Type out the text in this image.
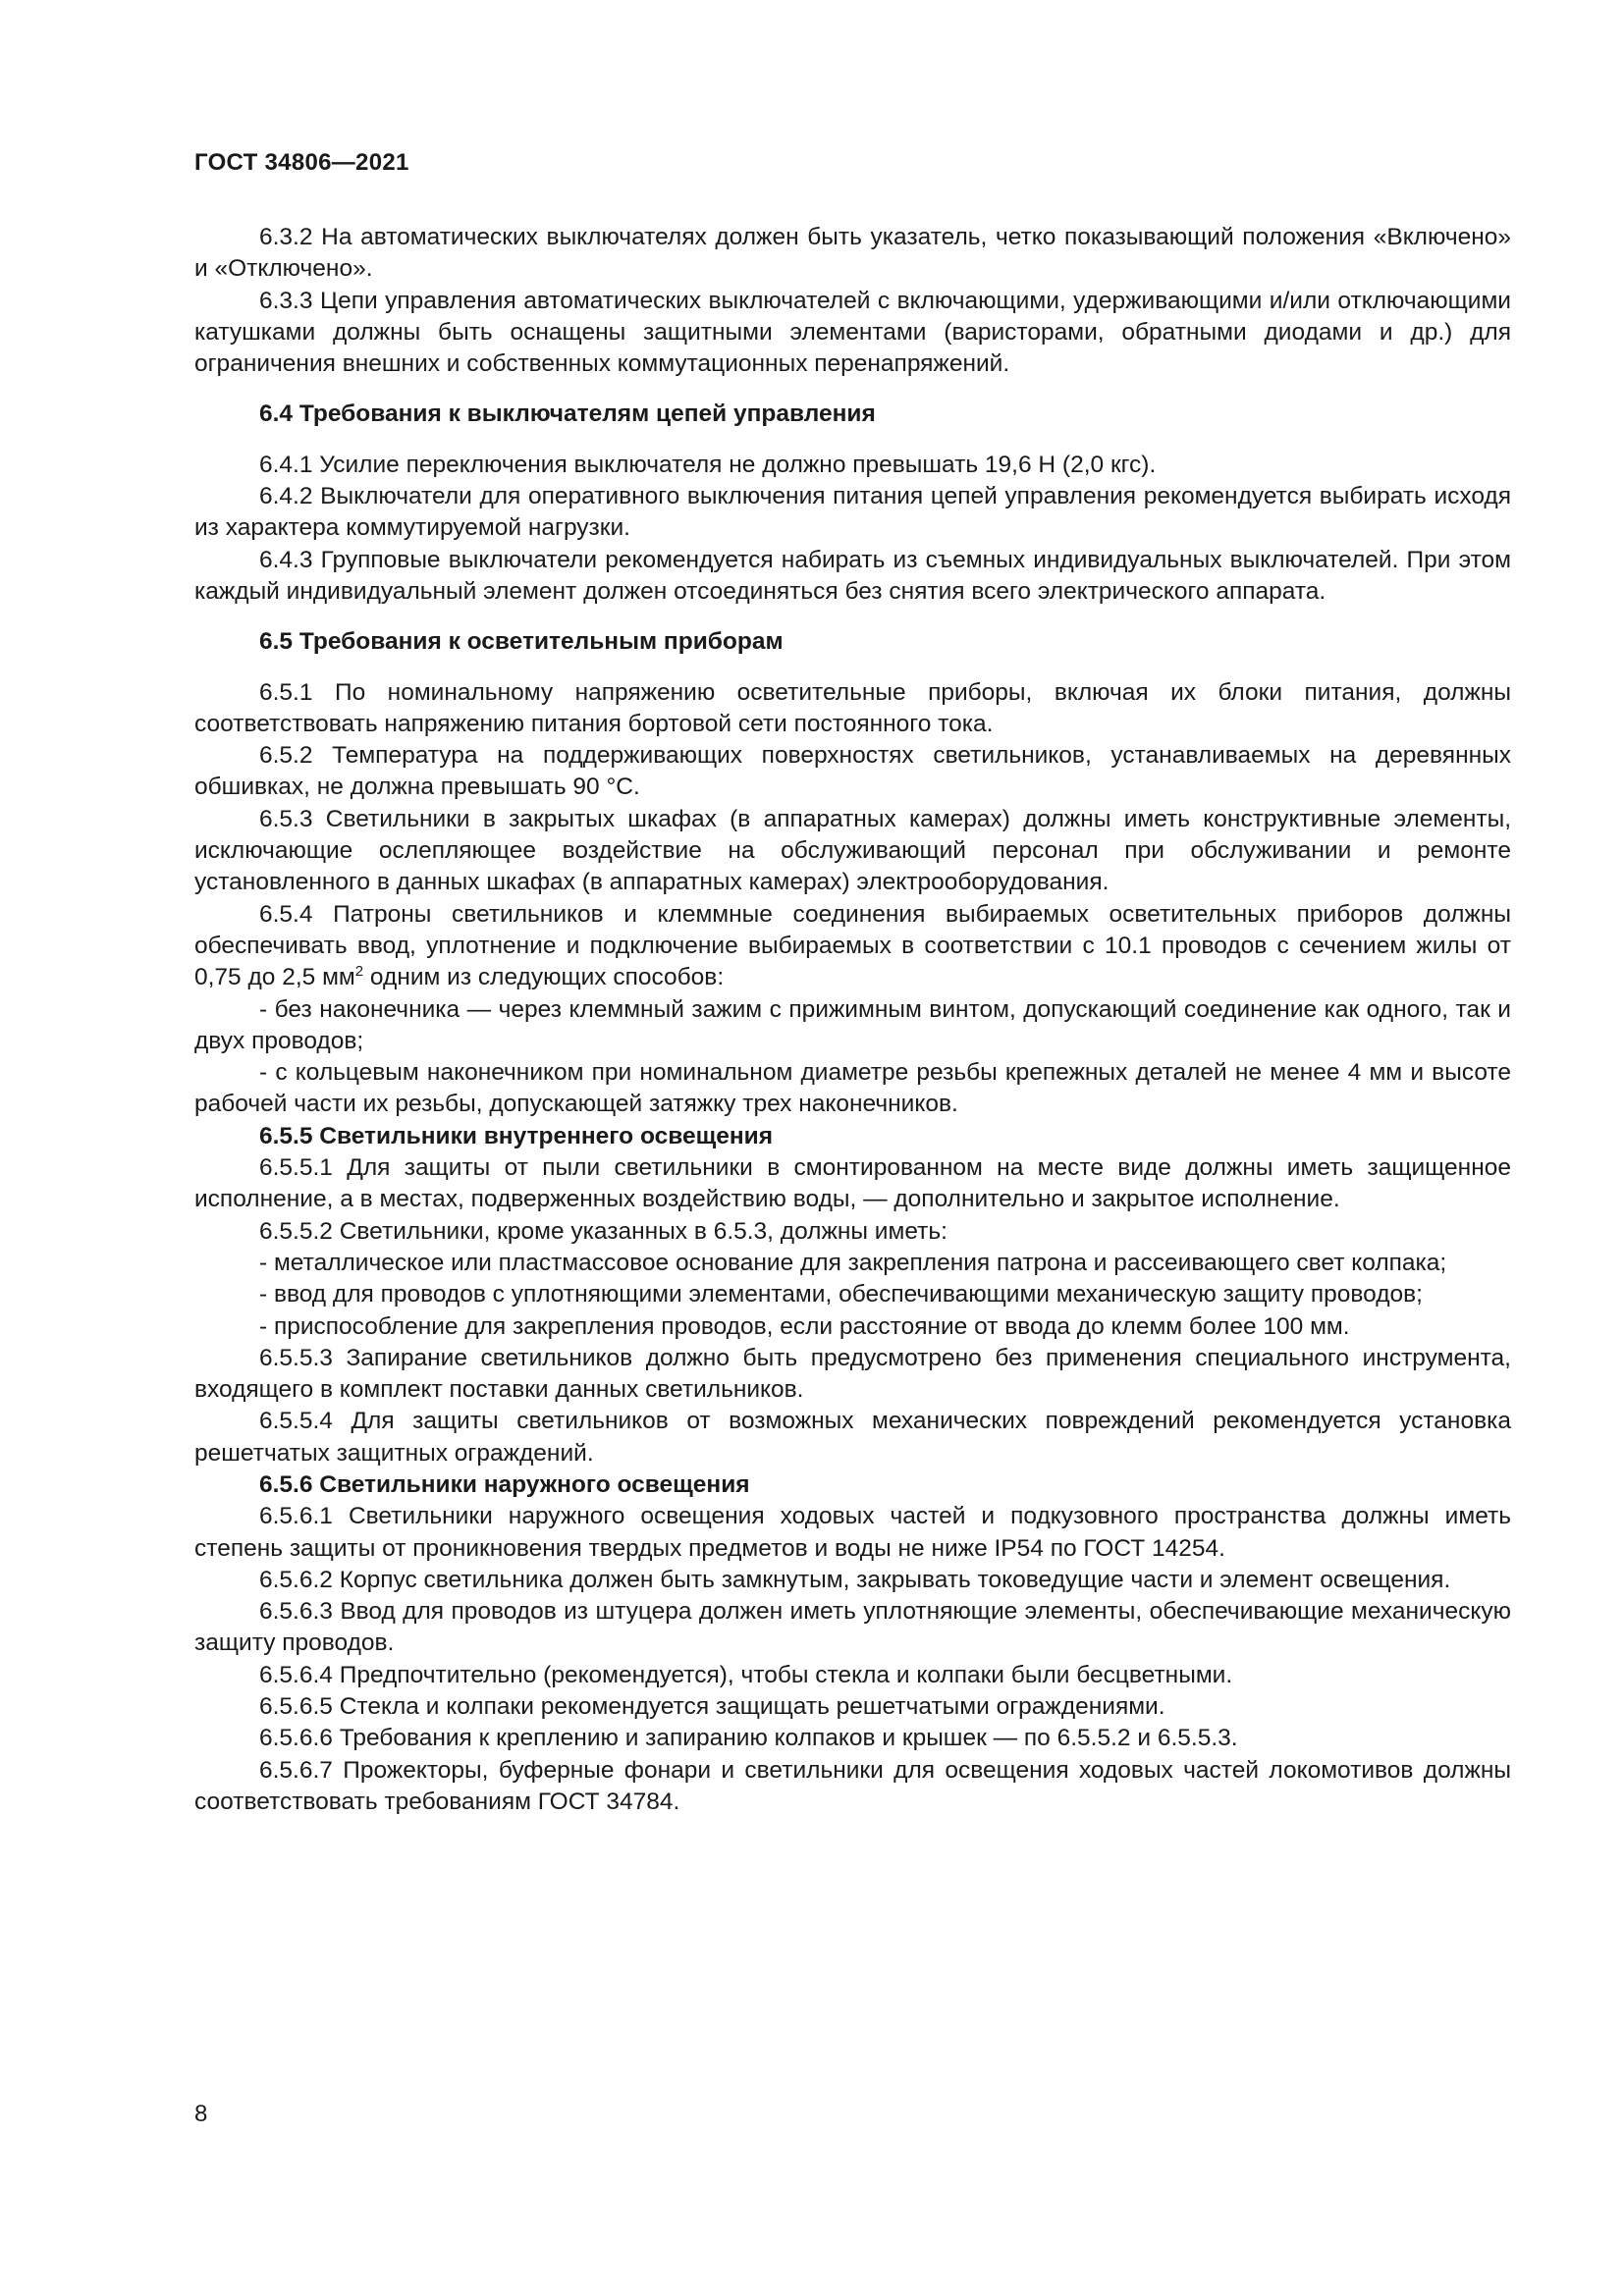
ГОСТ 34806—2021

6.3.2 На автоматических выключателях должен быть указатель, четко показывающий положения «Включено» и «Отключено».

6.3.3 Цепи управления автоматических выключателей с включающими, удерживающими и/или отключающими катушками должны быть оснащены защитными элементами (варисторами, обратными диодами и др.) для ограничения внешних и собственных коммутационных перенапряжений.

6.4 Требования к выключателям цепей управления

6.4.1 Усилие переключения выключателя не должно превышать 19,6 Н (2,0 кгс).

6.4.2 Выключатели для оперативного выключения питания цепей управления рекомендуется выбирать исходя из характера коммутируемой нагрузки.

6.4.3 Групповые выключатели рекомендуется набирать из съемных индивидуальных выключателей. При этом каждый индивидуальный элемент должен отсоединяться без снятия всего электрического аппарата.

6.5 Требования к осветительным приборам

6.5.1 По номинальному напряжению осветительные приборы, включая их блоки питания, должны соответствовать напряжению питания бортовой сети постоянного тока.

6.5.2 Температура на поддерживающих поверхностях светильников, устанавливаемых на деревянных обшивках, не должна превышать 90 °С.

6.5.3 Светильники в закрытых шкафах (в аппаратных камерах) должны иметь конструктивные элементы, исключающие ослепляющее воздействие на обслуживающий персонал при обслуживании и ремонте установленного в данных шкафах (в аппаратных камерах) электрооборудования.

6.5.4 Патроны светильников и клеммные соединения выбираемых осветительных приборов должны обеспечивать ввод, уплотнение и подключение выбираемых в соответствии с 10.1 проводов с сечением жилы от 0,75 до 2,5 $мм^2$ одним из следующих способов:

- без наконечника — через клеммный зажим с прижимным винтом, допускающий соединение как одного, так и двух проводов;

- с кольцевым наконечником при номинальном диаметре резьбы крепежных деталей не менее 4 мм и высоте рабочей части их резьбы, допускающей затяжку трех наконечников.

6.5.5 Светильники внутреннего освещения

6.5.5.1 Для защиты от пыли светильники в смонтированном на месте виде должны иметь защищенное исполнение, а в местах, подверженных воздействию воды, — дополнительно и закрытое исполнение.

6.5.5.2 Светильники, кроме указанных в 6.5.3, должны иметь:

- металлическое или пластмассовое основание для закрепления патрона и рассеивающего свет колпака;

- ввод для проводов с уплотняющими элементами, обеспечивающими механическую защиту проводов;

- приспособление для закрепления проводов, если расстояние от ввода до клемм более 100 мм.

6.5.5.3 Запирание светильников должно быть предусмотрено без применения специального инструмента, входящего в комплект поставки данных светильников.

6.5.5.4 Для защиты светильников от возможных механических повреждений рекомендуется установка решетчатых защитных ограждений.

6.5.6 Светильники наружного освещения

6.5.6.1 Светильники наружного освещения ходовых частей и подкузовного пространства должны иметь степень защиты от проникновения твердых предметов и воды не ниже IP54 по ГОСТ 14254.

6.5.6.2 Корпус светильника должен быть замкнутым, закрывать токоведущие части и элемент освещения.

6.5.6.3 Ввод для проводов из штуцера должен иметь уплотняющие элементы, обеспечивающие механическую защиту проводов.

6.5.6.4 Предпочтительно (рекомендуется), чтобы стекла и колпаки были бесцветными.

6.5.6.5 Стекла и колпаки рекомендуется защищать решетчатыми ограждениями.

6.5.6.6 Требования к креплению и запиранию колпаков и крышек — по 6.5.5.2 и 6.5.5.3.

6.5.6.7 Прожекторы, буферные фонари и светильники для освещения ходовых частей локомотивов должны соответствовать требованиям ГОСТ 34784.

8
